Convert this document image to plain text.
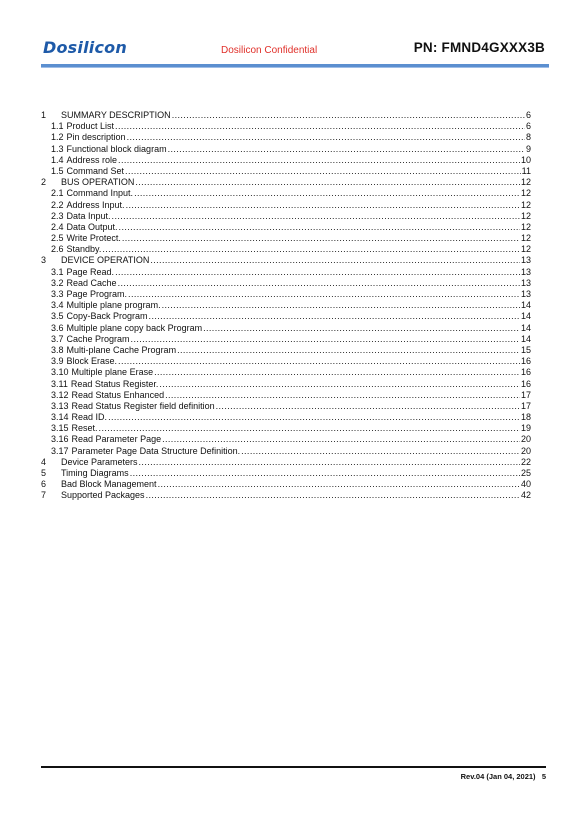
Dosilicon	Dosilicon Confidential	PN: FMND4GXXX3B
1	SUMMARY DESCRIPTION .....	6
1.1 Product List .....	6
1.2 Pin description .....	8
1.3 Functional block diagram .....	9
1.4 Address role .....	10
1.5 Command Set .....	11
2	BUS OPERATION .....	12
2.1 Command Input. .....	12
2.2 Address Input. .....	12
2.3 Data Input. .....	12
2.4 Data Output. .....	12
2.5 Write Protect. .....	12
2.6 Standby. .....	12
3	DEVICE OPERATION .....	13
3.1 Page Read. .....	13
3.2 Read Cache .....	13
3.3 Page Program. .....	13
3.4 Multiple plane program. .....	14
3.5 Copy-Back Program .....	14
3.6 Multiple plane copy back Program .....	14
3.7 Cache Program .....	14
3.8 Multi-plane Cache Program .....	15
3.9 Block Erase. .....	16
3.10 Multiple plane Erase .....	16
3.11 Read Status Register. .....	16
3.12 Read Status Enhanced .....	17
3.13 Read Status Register field definition .....	17
3.14 Read ID. .....	18
3.15 Reset. .....	19
3.16 Read Parameter Page .....	20
3.17 Parameter Page Data Structure Definition. .....	20
4	Device Parameters .....	22
5	Timing Diagrams .....	25
6	Bad Block Management .....	40
7	Supported Packages .....	42
Rev.04 (Jan 04, 2021) 5
